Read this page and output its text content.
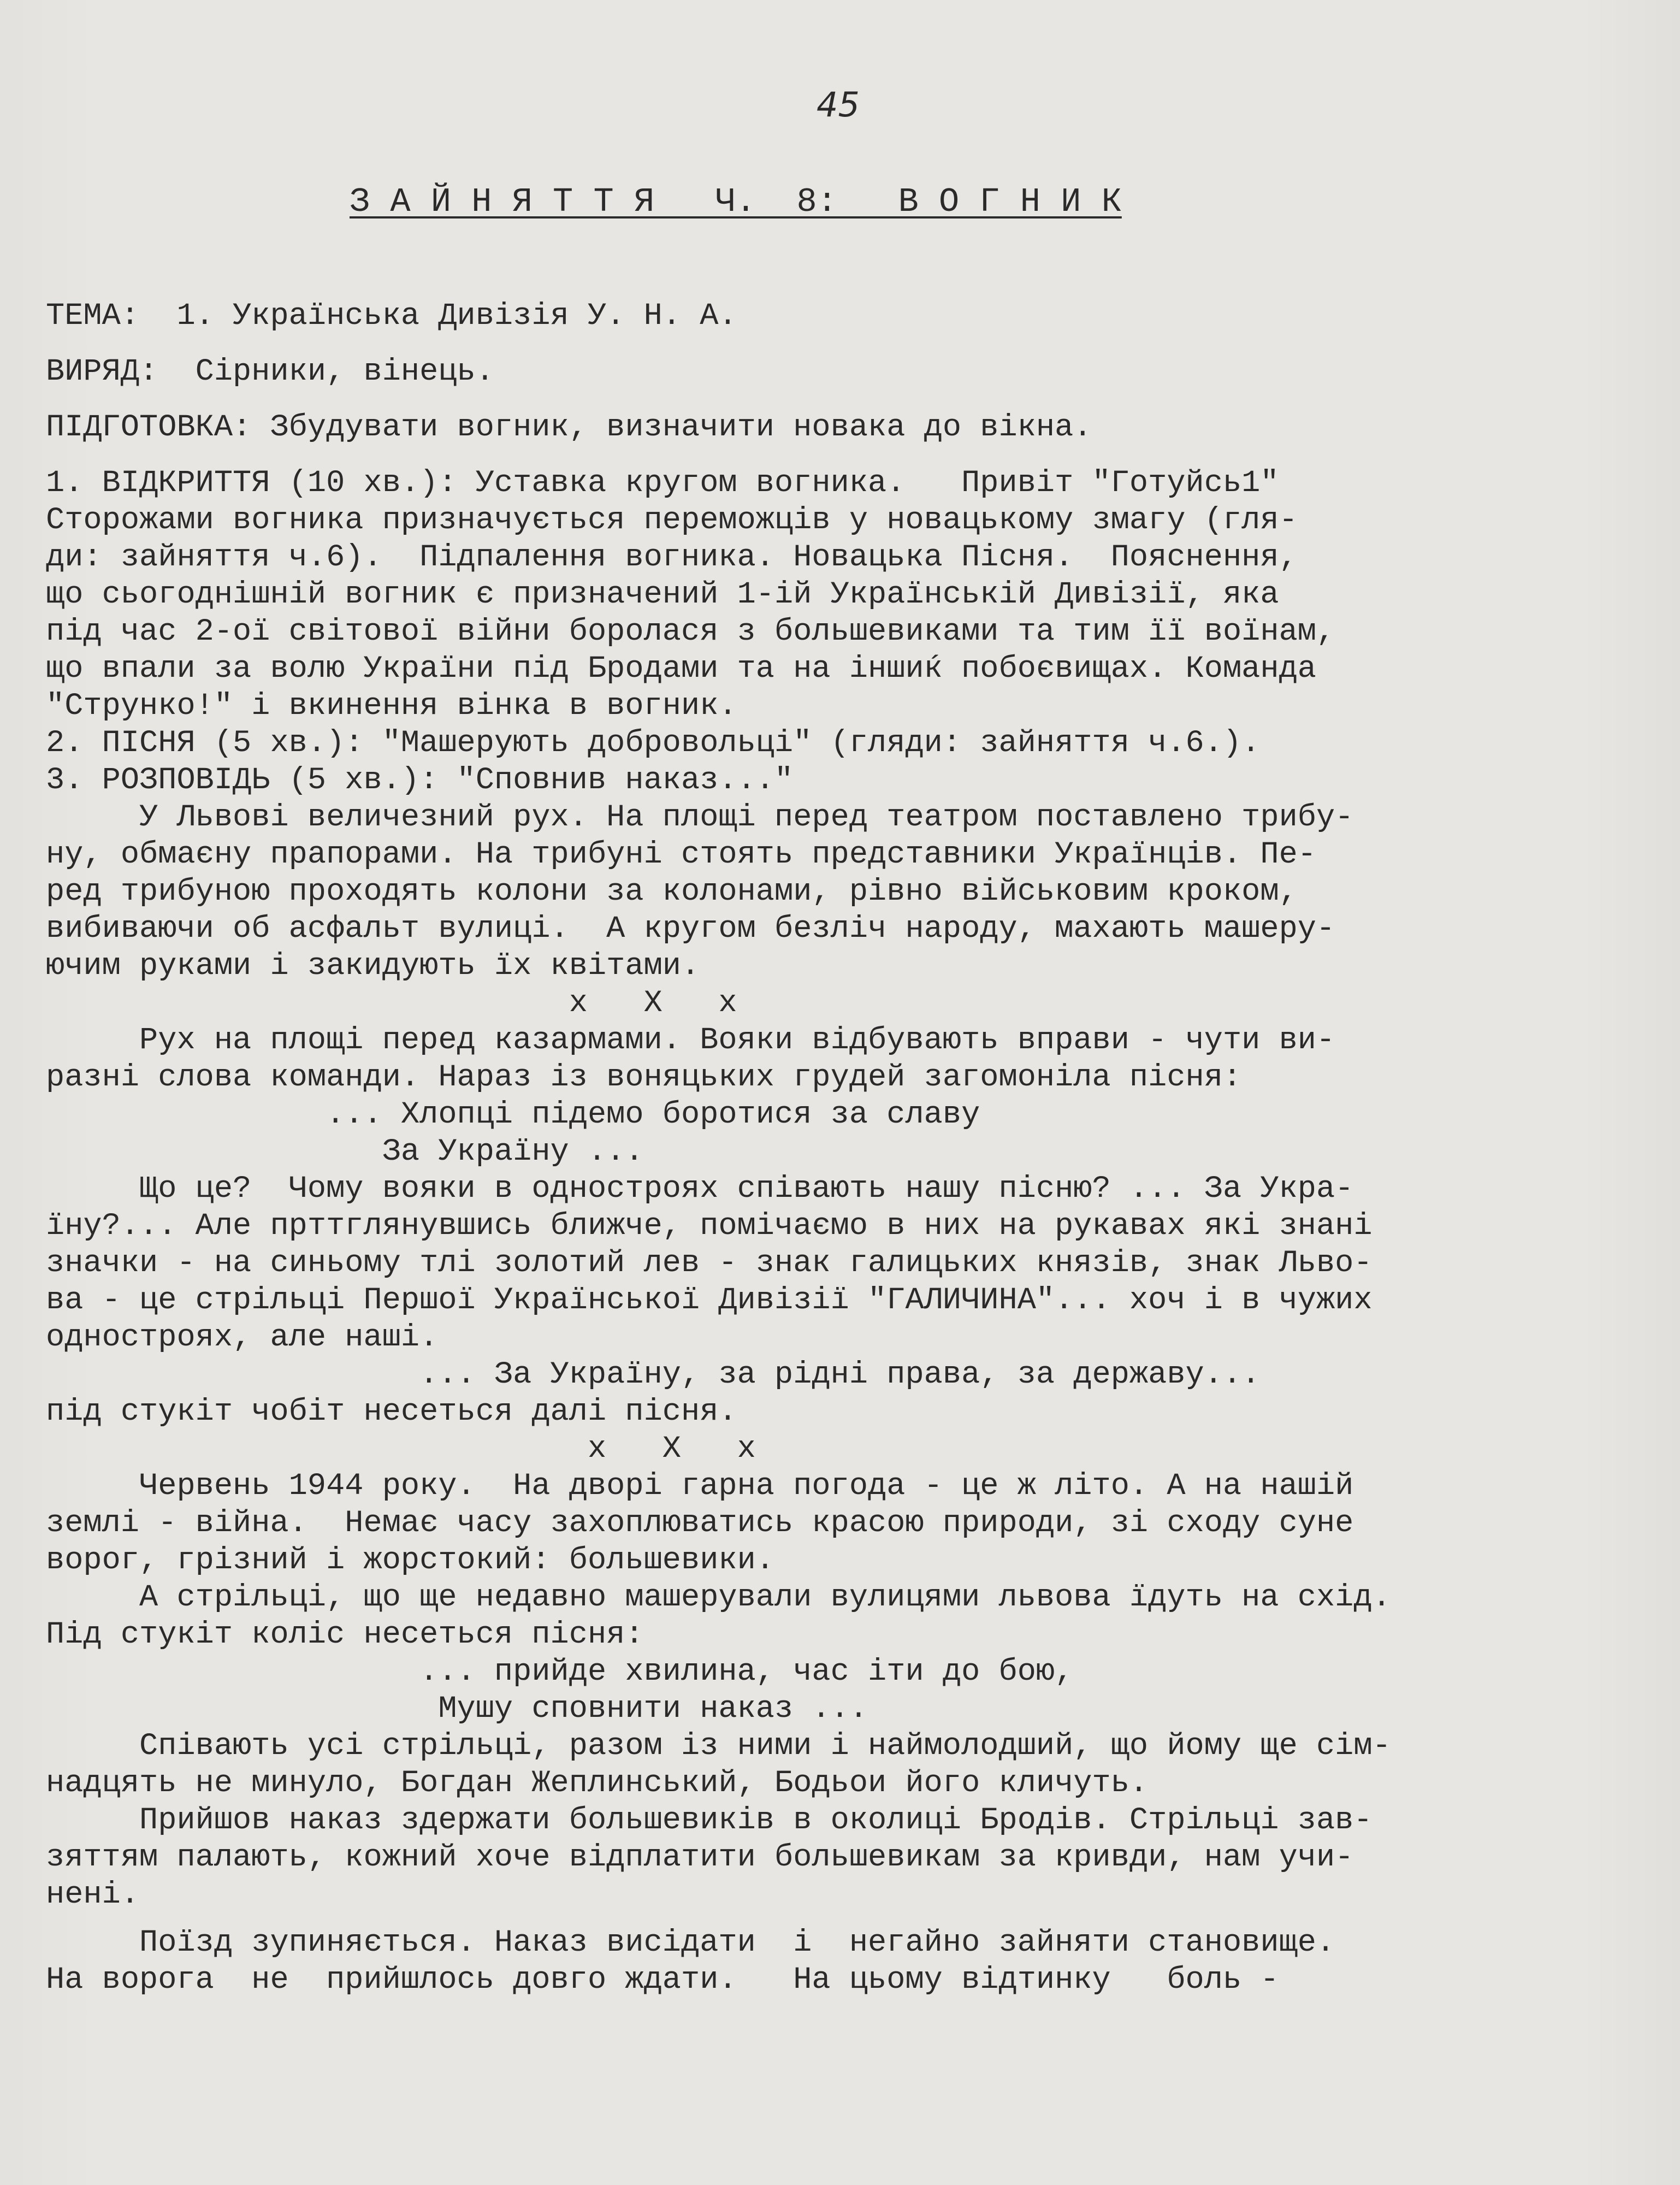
45
З А Й Н Я Т Т Я   Ч.  8:   В О Г Н И К
ТЕМА:  1. Українська Дивізія У. Н. А.
ВИРЯД:  Сірники, вінець.
ПІДГОТОВКА: Збудувати вогник, визначити новака до вікна.
1. ВІДКРИТТЯ (10 хв.): Уставка кругом вогника.   Привіт "Готуйсь1"
Сторожами вогника призначується переможців у новацькому змагу (гля-
ди: зайняття ч.6).  Підпалення вогника. Новацька Пісня.  Пояснення,
що сьогоднішній вогник є призначений 1-ій Українській Дивізії, яка
під час 2-ої світової війни боролася з большевиками та тим її воїнам,
що впали за волю України під Бродами та на іншиќ побоєвищах. Команда
"Струнко!" і вкинення вінка в вогник.
2. ПІСНЯ (5 хв.): "Машерують добровольці" (гляди: зайняття ч.6.).
3. РОЗПОВІДЬ (5 хв.): "Сповнив наказ..."
У Львові величезний рух. На площі перед театром поставлено трибу-
ну, обмаєну прапорами. На трибуні стоять представники Українців. Пе-
ред трибуною проходять колони за колонами, рівно військовим кроком,
вибиваючи об асфальт вулиці.  А кругом безліч народу, махають машеру-
ючим руками і закидують їх квітами.
x   X   x
Рух на площі перед казармами. Вояки відбувають вправи - чути ви-
разні слова команди. Нараз із воняцьких грудей загомоніла пісня:
... Хлопці підемо боротися за славу
За Україну ...
Що це?  Чому вояки в одностроях співають нашу пісню? ... За Укра-
їну?... Але прттглянувшись ближче, помічаємо в них на рукавах які знані
значки - на синьому тлі золотий лев - знак галицьких князів, знак Льво-
ва - це стрільці Першої Української Дивізії "ГАЛИЧИНА"... хоч і в чужих
одностроях, але наші.
... За Україну, за рідні права, за державу...
під стукіт чобіт несеться далі пісня.
x   X   x
Червень 1944 року.  На дворі гарна погода - це ж літо. А на нашій
землі - війна.  Немає часу захоплюватись красою природи, зі сходу суне
ворог, грізний і жорстокий: большевики.
А стрільці, що ще недавно машерували вулицями львова їдуть на схід.
Під стукіт коліс несеться пісня:
... прийде хвилина, час іти до бою,
Мушу сповнити наказ ...
Співають усі стрільці, разом із ними і наймолодший, що йому ще сім-
надцять не минуло, Богдан Жеплинський, Бодьои його кличуть.
Прийшов наказ здержати большевиків в околиці Бродів. Стрільці зав-
зяттям палають, кожний хоче відплатити большевикам за кривди, нам учи-
нені.
Поїзд зупиняється. Наказ висідати  і  негайно зайняти становище.
На ворога  не  прийшлось довго ждати.   На цьому відтинку   боль -
